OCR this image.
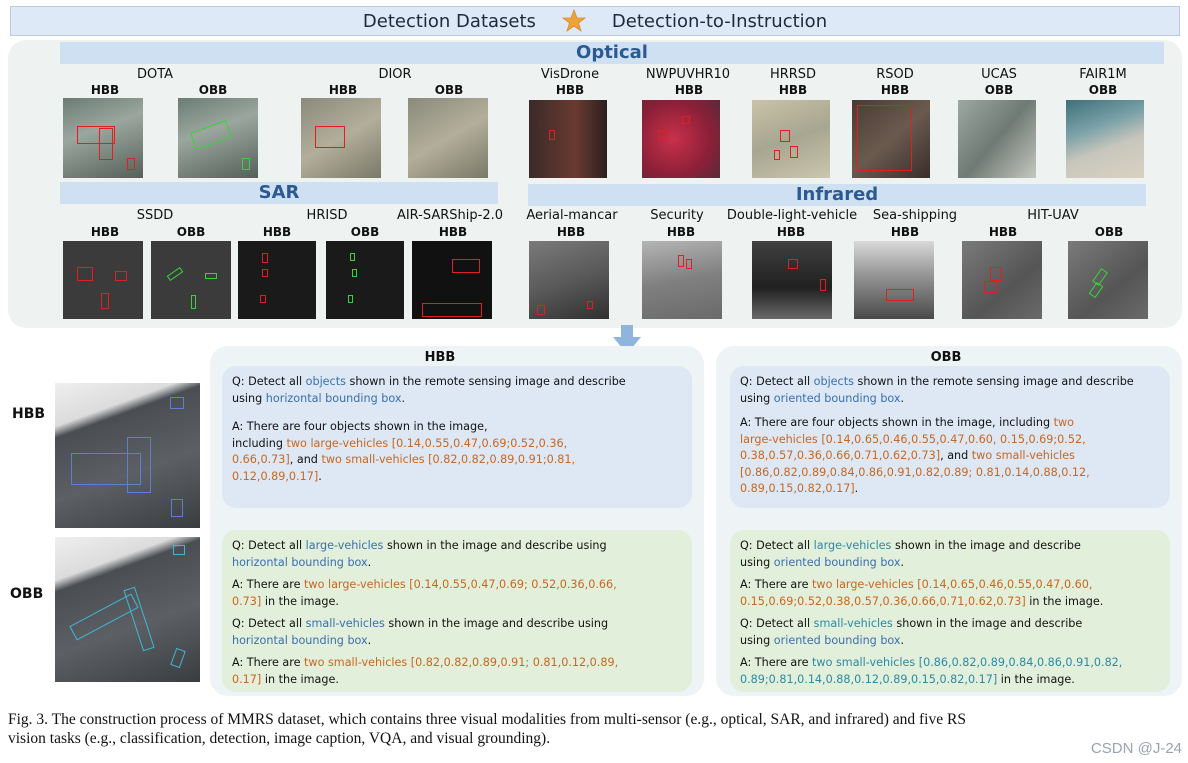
Detection Datasets	Detection-to-Instruction
Optical
DOTA
HBB	OBB
DIOR
HBB	OBB
VisDrone
HBB
NWPUVHR10
HBB
HRRSD
HBB
RSOD
HBB
UCAS
OBB
FAIR1M
OBB
SAR	Infrared
SSDD
HBB	OBB
HRISD
HBB	OBB
AIR-SARShip-2.0
HBB
Aerial-mancar
HBB
Security
HBB
Double-light-vehicle
HBB
Sea-shipping
HBB
HIT-UAV
HBB	OBB
HBB
OBB
HBB

Q: Detect all objects shown in the remote sensing image and describe

using horizontal bounding box.

A: There are four objects shown in the image,

including two large-vehicles [0.14,0.55,0.47,0.69;0.52,0.36,

0.66,0.73], and two small-vehicles [0.82,0.82,0.89,0.91;0.81,

0.12,0.89,0.17].

Q: Detect all large-vehicles shown in the image and describe using

horizontal bounding box.

A: There are two large-vehicles [0.14,0.55,0.47,0.69; 0.52,0.36,0.66,

0.73] in the image.

Q: Detect all small-vehicles shown in the image and describe using

horizontal bounding box.

A: There are two small-vehicles [0.82,0.82,0.89,0.91; 0.81,0.12,0.89,

0.17] in the image.

OBB

Q: Detect all objects shown in the remote sensing image and describe

using oriented bounding box.

A: There are four objects shown in the image, including two

large-vehicles [0.14,0.65,0.46,0.55,0.47,0.60, 0.15,0.69;0.52,

0.38,0.57,0.36,0.66,0.71,0.62,0.73], and two small-vehicles

[0.86,0.82,0.89,0.84,0.86,0.91,0.82,0.89; 0.81,0.14,0.88,0.12,

0.89,0.15,0.82,0.17].

Q: Detect all large-vehicles shown in the image and describe

using oriented bounding box.

A: There are two large-vehicles [0.14,0.65,0.46,0.55,0.47,0.60,

0.15,0.69;0.52,0.38,0.57,0.36,0.66,0.71,0.62,0.73] in the image.

Q: Detect all small-vehicles shown in the image and describe

using oriented bounding box.

A: There are two small-vehicles [0.86,0.82,0.89,0.84,0.86,0.91,0.82,

0.89;0.81,0.14,0.88,0.12,0.89,0.15,0.82,0.17] in the image.

Fig. 3. The construction process of MMRS dataset, which contains three visual modalities from multi-sensor (e.g., optical, SAR, and infrared) and five RS

vision tasks (e.g., classification, detection, image caption, VQA, and visual grounding).

CSDN @J-24
